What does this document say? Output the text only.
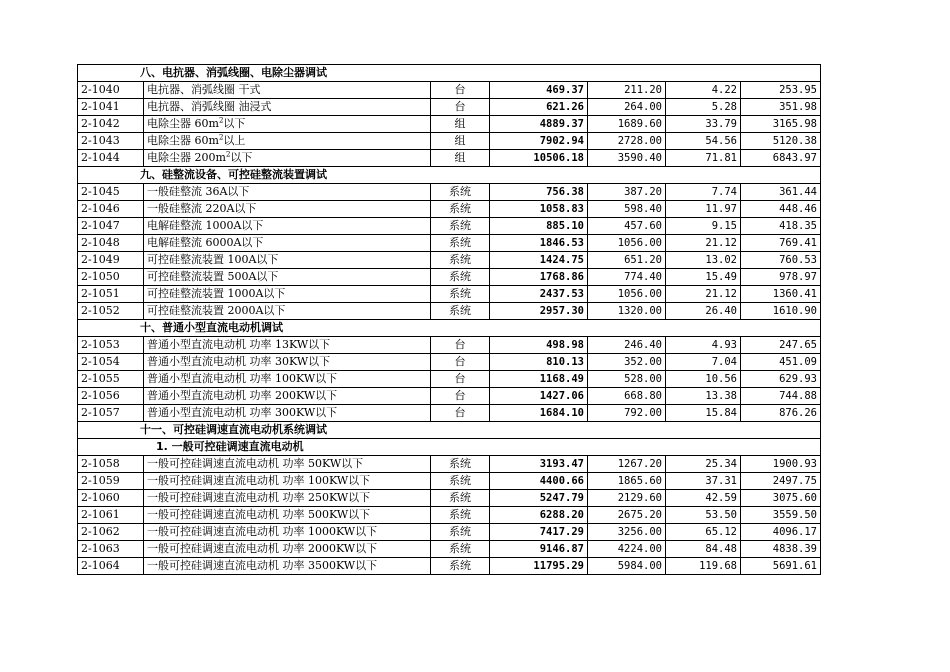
八、电抗器、消弧线圈、电除尘器调试						
2-1040	电抗器、消弧线圈 干式	台	469.37	211.20	4.22	253.95
2-1041	电抗器、消弧线圈 油浸式	台	621.26	264.00	5.28	351.98
2-1042	电除尘器 $60m^2$以下	组	4889.37	1689.60	33.79	3165.98
2-1043	电除尘器 $60m^2$以上	组	7902.94	2728.00	54.56	5120.38
2-1044	电除尘器 $200m^2$以下	组	10506.18	3590.40	71.81	6843.97
九、硅整流设备、可控硅整流装置调试						
2-1045	一般硅整流 36A以下	系统	756.38	387.20	7.74	361.44
2-1046	一般硅整流 220A以下	系统	1058.83	598.40	11.97	448.46
2-1047	电解硅整流 1000A以下	系统	885.10	457.60	9.15	418.35
2-1048	电解硅整流 6000A以下	系统	1846.53	1056.00	21.12	769.41
2-1049	可控硅整流装置 100A以下	系统	1424.75	651.20	13.02	760.53
2-1050	可控硅整流装置 500A以下	系统	1768.86	774.40	15.49	978.97
2-1051	可控硅整流装置 1000A以下	系统	2437.53	1056.00	21.12	1360.41
2-1052	可控硅整流装置 2000A以下	系统	2957.30	1320.00	26.40	1610.90
十、普通小型直流电动机调试						
2-1053	普通小型直流电动机 功率 13KW以下	台	498.98	246.40	4.93	247.65
2-1054	普通小型直流电动机 功率 30KW以下	台	810.13	352.00	7.04	451.09
2-1055	普通小型直流电动机 功率 100KW以下	台	1168.49	528.00	10.56	629.93
2-1056	普通小型直流电动机 功率 200KW以下	台	1427.06	668.80	13.38	744.88
2-1057	普通小型直流电动机 功率 300KW以下	台	1684.10	792.00	15.84	876.26
十一、可控硅调速直流电动机系统调试						
1. 一般可控硅调速直流电动机						
2-1058	一般可控硅调速直流电动机 功率 50KW以下	系统	3193.47	1267.20	25.34	1900.93
2-1059	一般可控硅调速直流电动机 功率 100KW以下	系统	4400.66	1865.60	37.31	2497.75
2-1060	一般可控硅调速直流电动机 功率 250KW以下	系统	5247.79	2129.60	42.59	3075.60
2-1061	一般可控硅调速直流电动机 功率 500KW以下	系统	6288.20	2675.20	53.50	3559.50
2-1062	一般可控硅调速直流电动机 功率 1000KW以下	系统	7417.29	3256.00	65.12	4096.17
2-1063	一般可控硅调速直流电动机 功率 2000KW以下	系统	9146.87	4224.00	84.48	4838.39
2-1064	一般可控硅调速直流电动机 功率 3500KW以下	系统	11795.29	5984.00	119.68	5691.61
